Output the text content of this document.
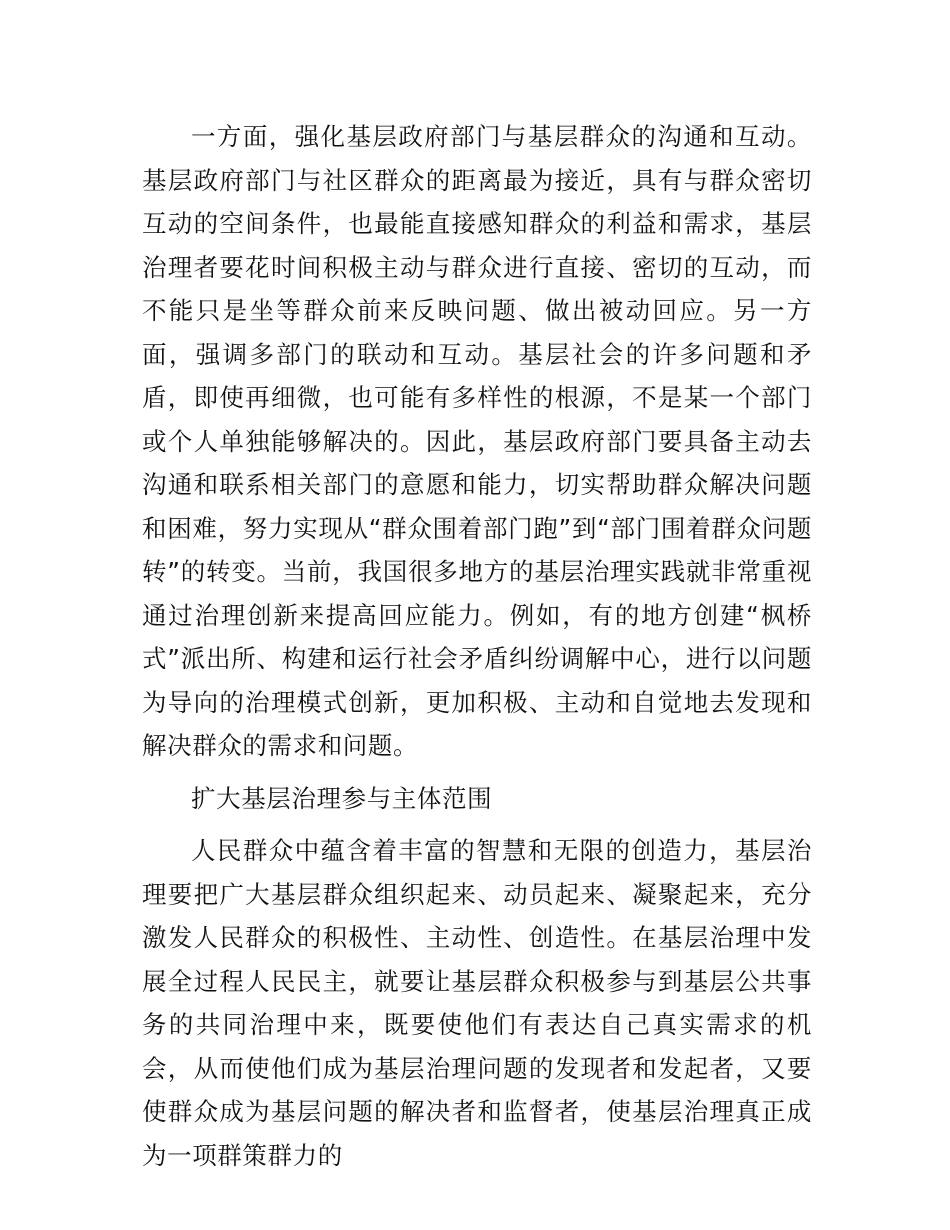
一方面，强化基层政府部门与基层群众的沟通和互动。基层政府部门与社区群众的距离最为接近，具有与群众密切互动的空间条件，也最能直接感知群众的利益和需求，基层治理者要花时间积极主动与群众进行直接、密切的互动，而不能只是坐等群众前来反映问题、做出被动回应。另一方面，强调多部门的联动和互动。基层社会的许多问题和矛盾，即使再细微，也可能有多样性的根源，不是某一个部门或个人单独能够解决的。因此，基层政府部门要具备主动去沟通和联系相关部门的意愿和能力，切实帮助群众解决问题和困难，努力实现从“群众围着部门跑”到“部门围着群众问题转”的转变。当前，我国很多地方的基层治理实践就非常重视通过治理创新来提高回应能力。例如，有的地方创建“枫桥式”派出所、构建和运行社会矛盾纠纷调解中心，进行以问题为导向的治理模式创新，更加积极、主动和自觉地去发现和解决群众的需求和问题。

扩大基层治理参与主体范围

人民群众中蕴含着丰富的智慧和无限的创造力，基层治理要把广大基层群众组织起来、动员起来、凝聚起来，充分激发人民群众的积极性、主动性、创造性。在基层治理中发展全过程人民民主，就要让基层群众积极参与到基层公共事务的共同治理中来，既要使他们有表达自己真实需求的机会，从而使他们成为基层治理问题的发现者和发起者，又要使群众成为基层问题的解决者和监督者，使基层治理真正成为一项群策群力的
